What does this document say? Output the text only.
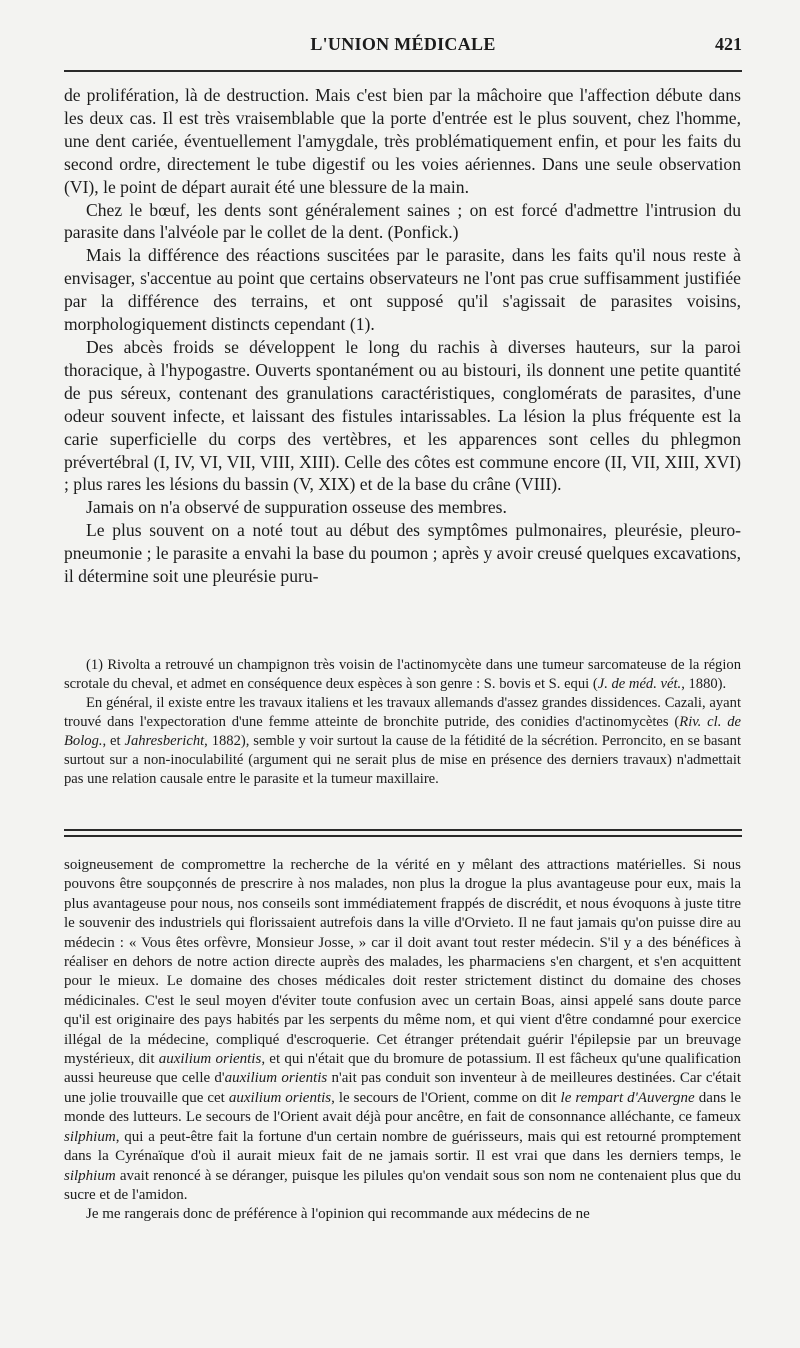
L'UNION MÉDICALE	421

de prolifération, là de destruction. Mais c'est bien par la mâchoire que l'affection débute dans les deux cas. Il est très vraisemblable que la porte d'entrée est le plus souvent, chez l'homme, une dent cariée, éventuellement l'amygdale, très problématiquement enfin, et pour les faits du second ordre, directement le tube digestif ou les voies aériennes. Dans une seule observation (VI), le point de départ aurait été une blessure de la main.

Chez le bœuf, les dents sont généralement saines ; on est forcé d'admettre l'intrusion du parasite dans l'alvéole par le collet de la dent. (Ponfick.)

Mais la différence des réactions suscitées par le parasite, dans les faits qu'il nous reste à envisager, s'accentue au point que certains observateurs ne l'ont pas crue suffisamment justifiée par la différence des terrains, et ont supposé qu'il s'agissait de parasites voisins, morphologiquement distincts cependant (1).

Des abcès froids se développent le long du rachis à diverses hauteurs, sur la paroi thoracique, à l'hypogastre. Ouverts spontanément ou au bistouri, ils donnent une petite quantité de pus séreux, contenant des granulations caractéristiques, conglomérats de parasites, d'une odeur souvent infecte, et laissant des fistules intarissables. La lésion la plus fréquente est la carie superficielle du corps des vertèbres, et les apparences sont celles du phlegmon prévertébral (I, IV, VI, VII, VIII, XIII). Celle des côtes est commune encore (II, VII, XIII, XVI) ; plus rares les lésions du bassin (V, XIX) et de la base du crâne (VIII).

Jamais on n'a observé de suppuration osseuse des membres.

Le plus souvent on a noté tout au début des symptômes pulmonaires, pleurésie, pleuro-pneumonie ; le parasite a envahi la base du poumon ; après y avoir creusé quelques excavations, il détermine soit une pleurésie puru-

(1) Rivolta a retrouvé un champignon très voisin de l'actinomycète dans une tumeur sarcomateuse de la région scrotale du cheval, et admet en conséquence deux espèces à son genre : S. bovis et S. equi (J. de méd. vét., 1880).

En général, il existe entre les travaux italiens et les travaux allemands d'assez grandes dissidences. Cazali, ayant trouvé dans l'expectoration d'une femme atteinte de bronchite putride, des conidies d'actinomycètes (Riv. cl. de Bolog., et Jahresbericht, 1882), semble y voir surtout la cause de la fétidité de la sécrétion. Perroncito, en se basant surtout sur a non-inoculabilité (argument qui ne serait plus de mise en présence des derniers travaux) n'admettait pas une relation causale entre le parasite et la tumeur maxillaire.

soigneusement de compromettre la recherche de la vérité en y mêlant des attractions matérielles. Si nous pouvons être soupçonnés de prescrire à nos malades, non plus la drogue la plus avantageuse pour eux, mais la plus avantageuse pour nous, nos conseils sont immédiatement frappés de discrédit, et nous évoquons à juste titre le souvenir des industriels qui florissaient autrefois dans la ville d'Orvieto. Il ne faut jamais qu'on puisse dire au médecin : « Vous êtes orfèvre, Monsieur Josse, » car il doit avant tout rester médecin. S'il y a des bénéfices à réaliser en dehors de notre action directe auprès des malades, les pharmaciens s'en chargent, et s'en acquittent pour le mieux. Le domaine des choses médicales doit rester strictement distinct du domaine des choses médicinales. C'est le seul moyen d'éviter toute confusion avec un certain Boas, ainsi appelé sans doute parce qu'il est originaire des pays habités par les serpents du même nom, et qui vient d'être condamné pour exercice illégal de la médecine, compliqué d'escroquerie. Cet étranger prétendait guérir l'épilepsie par un breuvage mystérieux, dit auxilium orientis, et qui n'était que du bromure de potassium. Il est fâcheux qu'une qualification aussi heureuse que celle d'auxilium orientis n'ait pas conduit son inventeur à de meilleures destinées. Car c'était une jolie trouvaille que cet auxilium orientis, le secours de l'Orient, comme on dit le rempart d'Auvergne dans le monde des lutteurs. Le secours de l'Orient avait déjà pour ancêtre, en fait de consonnance alléchante, ce fameux silphium, qui a peut-être fait la fortune d'un certain nombre de guérisseurs, mais qui est retourné promptement dans la Cyrénaïque d'où il aurait mieux fait de ne jamais sortir. Il est vrai que dans les derniers temps, le silphium avait renoncé à se déranger, puisque les pilules qu'on vendait sous son nom ne contenaient plus que du sucre et de l'amidon.

Je me rangerais donc de préférence à l'opinion qui recommande aux médecins de ne
